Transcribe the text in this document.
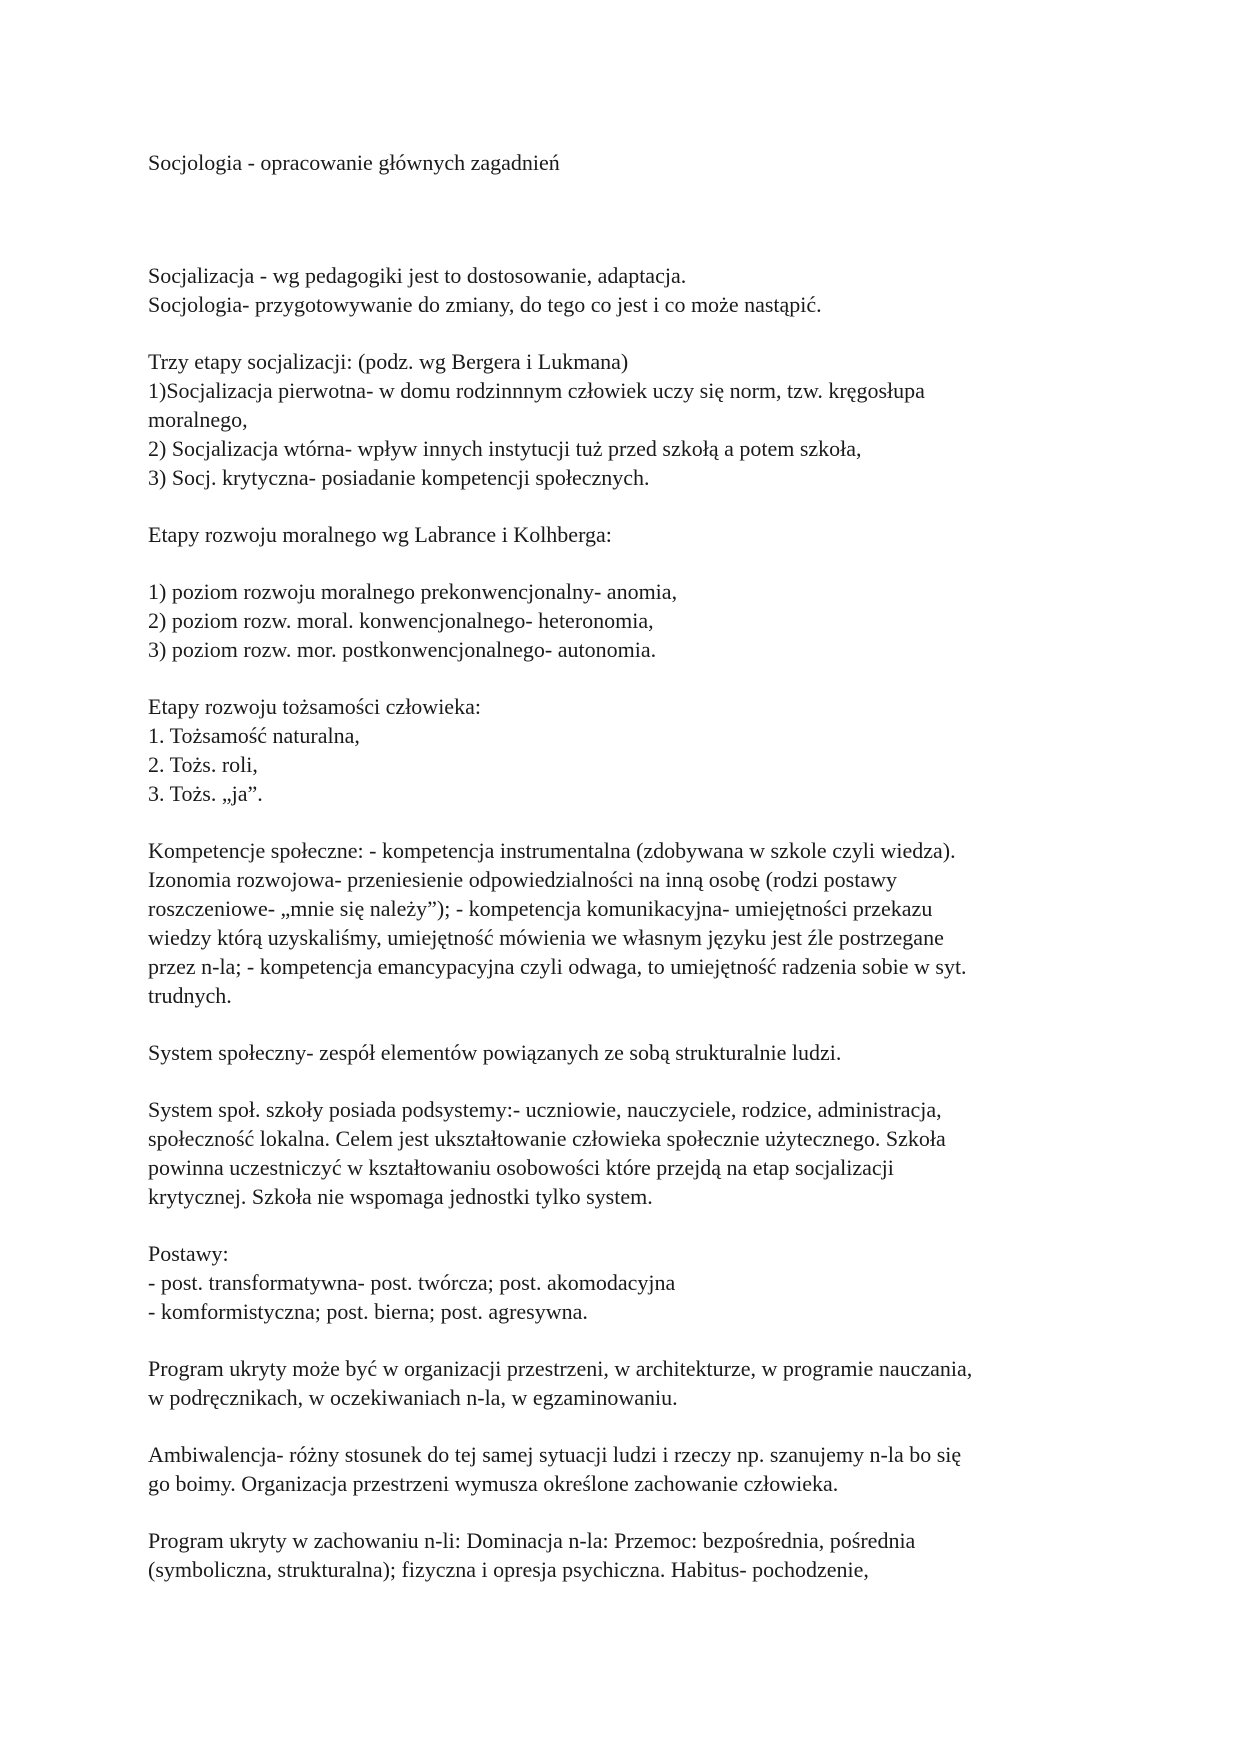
Socjologia - opracowanie głównych zagadnień
Socjalizacja - wg pedagogiki jest to dostosowanie, adaptacja.
Socjologia- przygotowywanie do zmiany, do tego co jest i co może nastąpić.
Trzy etapy socjalizacji: (podz. wg Bergera i Lukmana)
1)Socjalizacja pierwotna- w domu rodzinnnym człowiek uczy się norm, tzw. kręgosłupa
moralnego,
2) Socjalizacja wtórna- wpływ innych instytucji tuż przed szkołą a potem szkoła,
3) Socj. krytyczna- posiadanie kompetencji społecznych.
Etapy rozwoju moralnego wg Labrance i Kolhberga:
1) poziom rozwoju moralnego prekonwencjonalny- anomia,
2) poziom rozw. moral. konwencjonalnego- heteronomia,
3) poziom rozw. mor. postkonwencjonalnego- autonomia.
Etapy rozwoju tożsamości człowieka:
1. Tożsamość naturalna,
2. Tożs. roli,
3. Tożs. „ja”.
Kompetencje społeczne: - kompetencja instrumentalna (zdobywana w szkole czyli wiedza).
Izonomia rozwojowa- przeniesienie odpowiedzialności na inną osobę (rodzi postawy
roszczeniowe- „mnie się należy”); - kompetencja komunikacyjna- umiejętności przekazu
wiedzy którą uzyskaliśmy, umiejętność mówienia we własnym języku jest źle postrzegane
przez n-la; - kompetencja emancypacyjna czyli odwaga, to umiejętność radzenia sobie w syt.
trudnych.
System społeczny- zespół elementów powiązanych ze sobą strukturalnie ludzi.
System społ. szkoły posiada podsystemy:- uczniowie, nauczyciele, rodzice, administracja,
społeczność lokalna. Celem jest ukształtowanie człowieka społecznie użytecznego. Szkoła
powinna uczestniczyć w kształtowaniu osobowości które przejdą na etap socjalizacji
krytycznej. Szkoła nie wspomaga jednostki tylko system.
Postawy:
- post. transformatywna- post. twórcza; post. akomodacyjna
- komformistyczna; post. bierna; post. agresywna.
Program ukryty może być w organizacji przestrzeni, w architekturze, w programie nauczania,
w podręcznikach, w oczekiwaniach n-la, w egzaminowaniu.
Ambiwalencja- różny stosunek do tej samej sytuacji ludzi i rzeczy np. szanujemy n-la bo się
go boimy. Organizacja przestrzeni wymusza określone zachowanie człowieka.
Program ukryty w zachowaniu n-li: Dominacja n-la: Przemoc: bezpośrednia, pośrednia
(symboliczna, strukturalna); fizyczna i opresja psychiczna. Habitus- pochodzenie,
